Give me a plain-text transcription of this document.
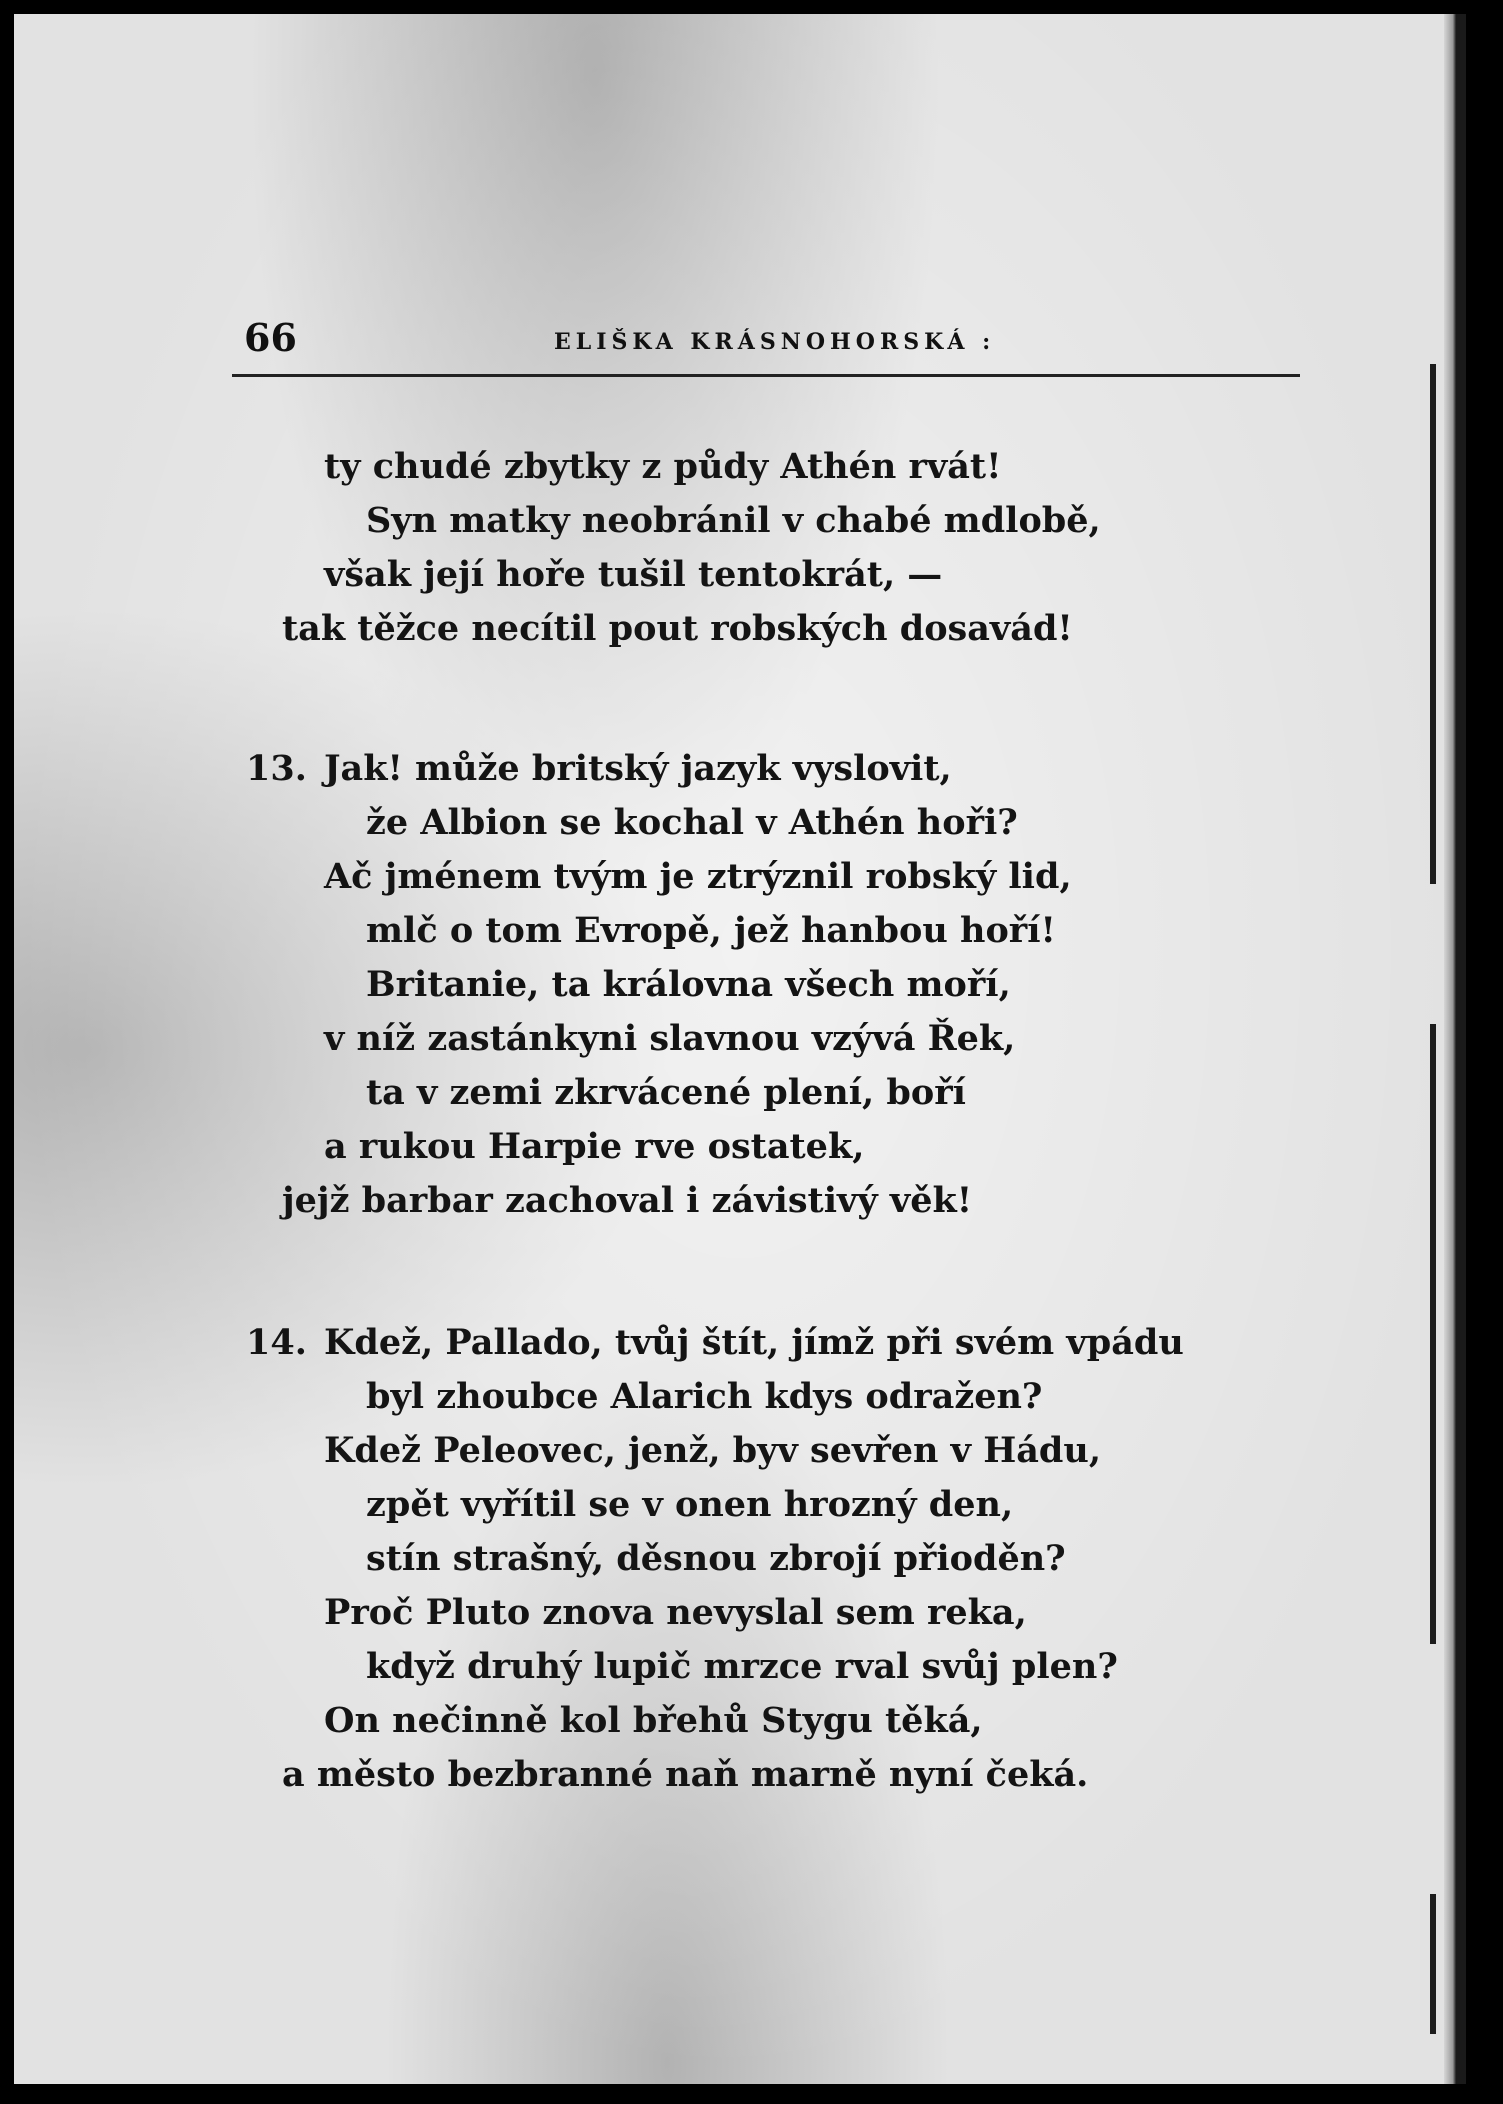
66	ELIŠKA KRÁSNOHORSKÁ :
ty chudé zbytky z půdy Athén rvát!
Syn matky neobránil v chabé mdlobě,
však její hoře tušil tentokrát, —
tak těžce necítil pout robských dosavád!
13. Jak! může britský jazyk vyslovit,
že Albion se kochal v Athén hoři?
Ač jménem tvým je ztrýznil robský lid,
mlč o tom Evropě, jež hanbou hoří!
Britanie, ta královna všech moří,
v níž zastánkyni slavnou vzývá Řek,
ta v zemi zkrvácené plení, boří
a rukou Harpie rve ostatek,
jejž barbar zachoval i závistivý věk!
14. Kdež, Pallado, tvůj štít, jímž při svém vpádu
byl zhoubce Alarich kdys odražen?
Kdež Peleovec, jenž, byv sevřen v Hádu,
zpět vyřítil se v onen hrozný den,
stín strašný, děsnou zbrojí přioděn?
Proč Pluto znova nevyslal sem reka,
když druhý lupič mrzce rval svůj plen?
On nečinně kol břehů Stygu těká,
a město bezbranné naň marně nyní čeká.
